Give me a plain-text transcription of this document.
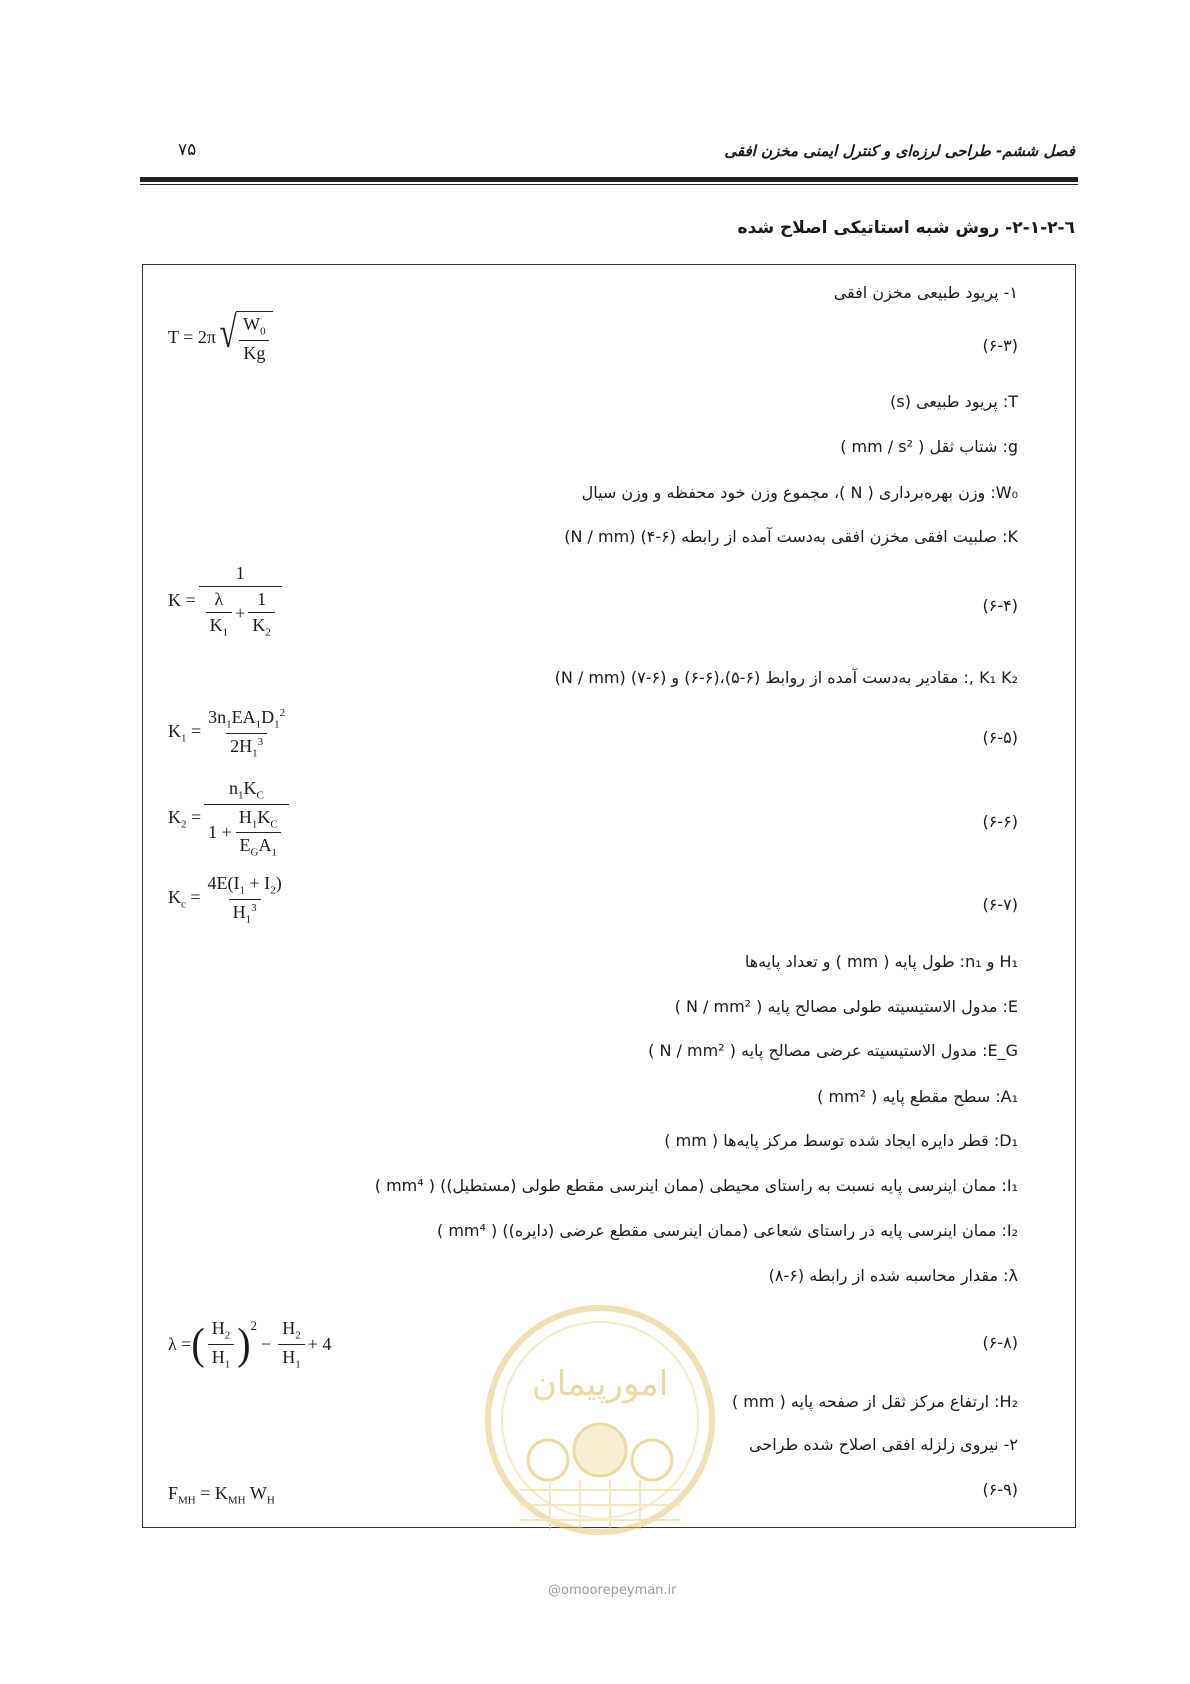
۷۵	فصل ششم- طراحی لرزه‌ای و کنترل ایمنی مخزن افقی
٦-٢-١-٢- روش شبه استاتیکی اصلاح شده
١- پریود طبیعی مخزن افقی
T = 2π √ $\frac{W_0}{Kg}$	(۶-۳)
T: پریود طبیعی (s)
g: شتاب ثقل ( mm / s² )
W₀: وزن بهره‌برداری ( N )، مجموع وزن خود محفظه و وزن سیال
K: صلبیت افقی مخزن افقی به‌دست آمده از رابطه (۶-۴) (N / mm)
$K = \frac{1}{\frac{\lambda}{K_1} + \frac{1}{K_2}}$	(۶-۴)
K₁ K₂ ,: مقادیر به‌دست آمده از روابط (۶-۵)،(۶-۶) و (۶-۷) (N / mm)
$K_1 = \frac{3n_1EA_1D_1^2}{2H_1^3}$	(۶-۵)
$K_2 = \frac{n_1K_C}{1 + \frac{H_1K_C}{E_GA_1}}$	(۶-۶)
$K_c = \frac{4E(I_1 + I_2)}{H_1^3}$	(۶-۷)
H₁ و n₁: طول پایه ( mm ) و تعداد پایه‌ها
E: مدول الاستیسیته طولی مصالح پایه ( N / mm² )
E_G: مدول الاستیسیته عرضی مصالح پایه ( N / mm² )
A₁: سطح مقطع پایه ( mm² )
D₁: قطر دایره ایجاد شده توسط مرکز پایه‌ها ( mm )
I₁: ممان اینرسی پایه نسبت به راستای محیطی (ممان اینرسی مقطع طولی (مستطیل)) ( mm⁴ )
I₂: ممان اینرسی پایه در راستای شعاعی (ممان اینرسی مقطع عرضی (دایره)) ( mm⁴ )
λ: مقدار محاسبه شده از رابطه (۶-۸)
λ = ( $\frac{H_2}{H_1}$ ) 2
− $\frac{H_2}{H_1} + 4$	(۶-۸)
H₂: ارتفاع مرکز ثقل از صفحه پایه ( mm )
٢- نیروی زلزله افقی اصلاح شده طراحی
$F_{MH} = K_{MH}$ $W_H$
(۶-۹)
امورپیمان
@omoorepeyman.ir
